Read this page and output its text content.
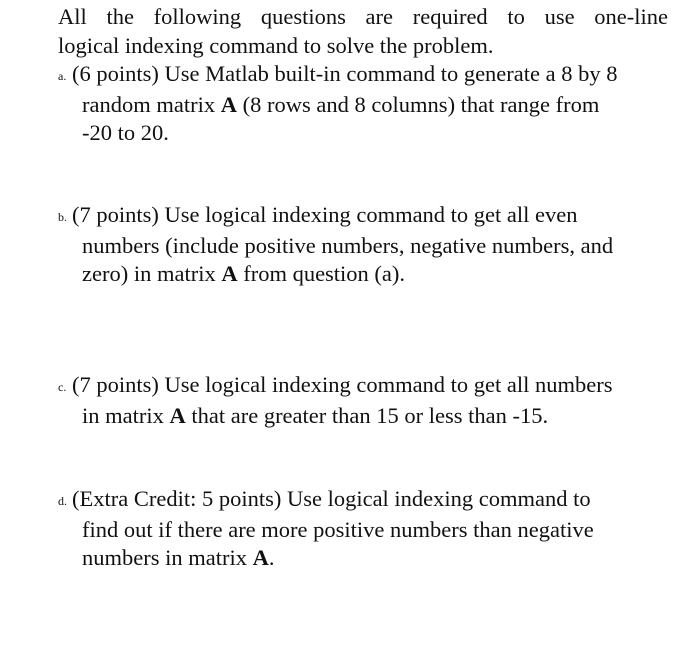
All the following questions are required to use one-line
logical indexing command to solve the problem.

a. (6 points) Use Matlab built-in command to generate a 8 by 8
random matrix A (8 rows and 8 columns) that range from
-20 to 20.
b. (7 points) Use logical indexing command to get all even
numbers (include positive numbers, negative numbers, and
zero) in matrix A from question (a).
c. (7 points) Use logical indexing command to get all numbers
in matrix A that are greater than 15 or less than -15.
d. (Extra Credit: 5 points) Use logical indexing command to
find out if there are more positive numbers than negative
numbers in matrix A.
